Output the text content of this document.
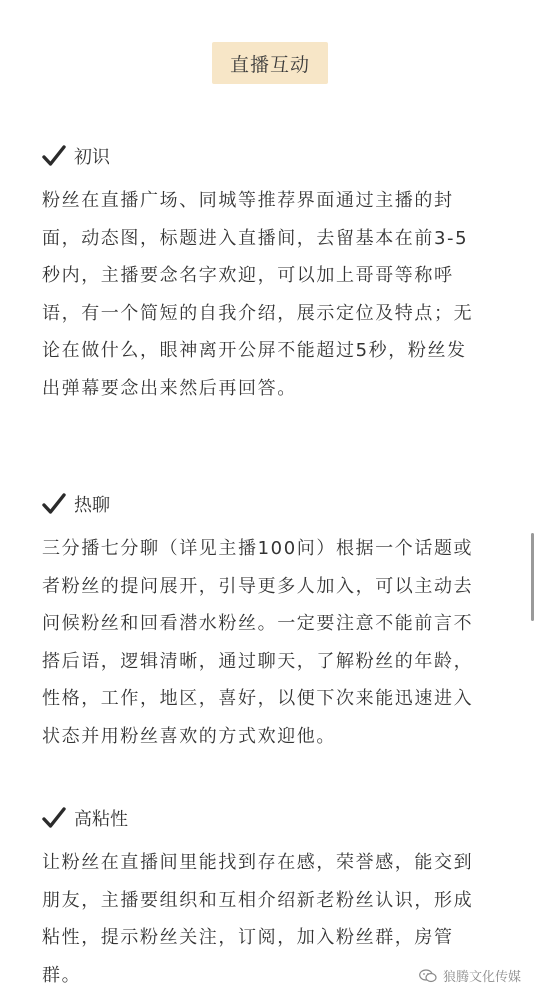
直播互动
初识
粉丝在直播广场、同城等推荐界面通过主播的封
面，动态图，标题进入直播间，去留基本在前3-5
秒内，主播要念名字欢迎，可以加上哥哥等称呼
语，有一个简短的自我介绍，展示定位及特点；无
论在做什么，眼神离开公屏不能超过5秒，粉丝发
出弹幕要念出来然后再回答。
热聊
三分播七分聊（详见主播100问）根据一个话题或
者粉丝的提问展开，引导更多人加入，可以主动去
问候粉丝和回看潜水粉丝。一定要注意不能前言不
搭后语，逻辑清晰，通过聊天，了解粉丝的年龄，
性格，工作，地区，喜好，以便下次来能迅速进入
状态并用粉丝喜欢的方式欢迎他。
高粘性
让粉丝在直播间里能找到存在感，荣誉感，能交到
朋友，主播要组织和互相介绍新老粉丝认识，形成
粘性，提示粉丝关注，订阅，加入粉丝群，房管
群。	狼腾文化传媒
